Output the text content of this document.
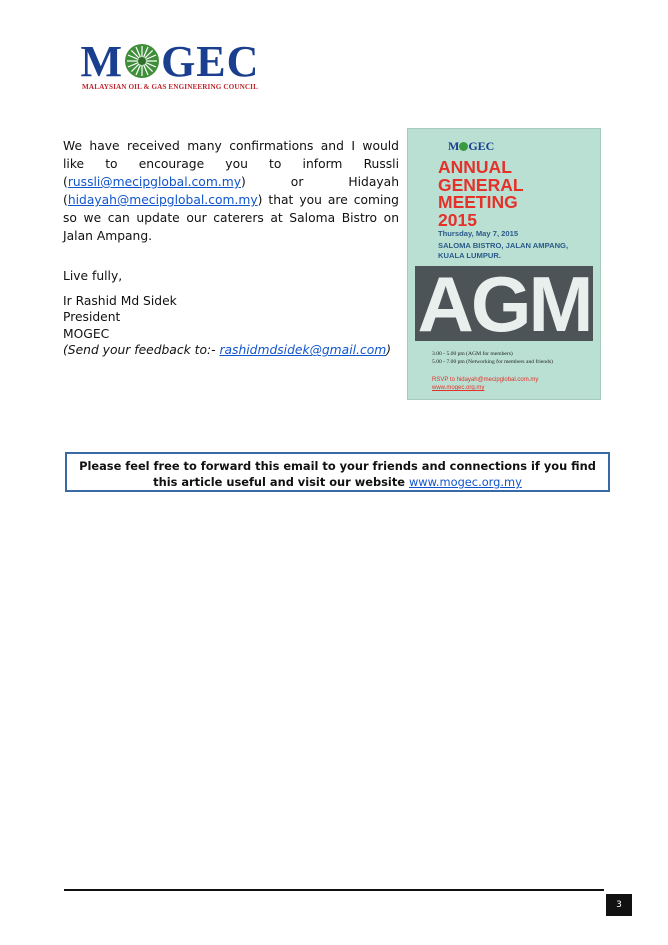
M GEC
MALAYSIAN OIL & GAS ENGINEERING COUNCIL
We have received many confirmations and I would like to encourage you to inform Russli (russli@mecipglobal.com.my) or Hidayah (hidayah@mecipglobal.com.my) that you are coming so we can update our caterers at Saloma Bistro on Jalan Ampang.
Live fully,
Ir Rashid Md Sidek
President
MOGEC
(Send your feedback to:- rashidmdsidek@gmail.com)
M GEC
ANNUAL
GENERAL
MEETING
2015
Thursday, May 7, 2015
SALOMA BISTRO, JALAN AMPANG, KUALA LUMPUR.
AGM
3.00 - 5.00 pm (AGM for members)
5.00 - 7.00 pm (Networking for members and friends)
RSVP to hidayah@mecipglobal.com.my
www.mogec.org.my
Please feel free to forward this email to your friends and connections if you find this article useful and visit our website www.mogec.org.my
3
